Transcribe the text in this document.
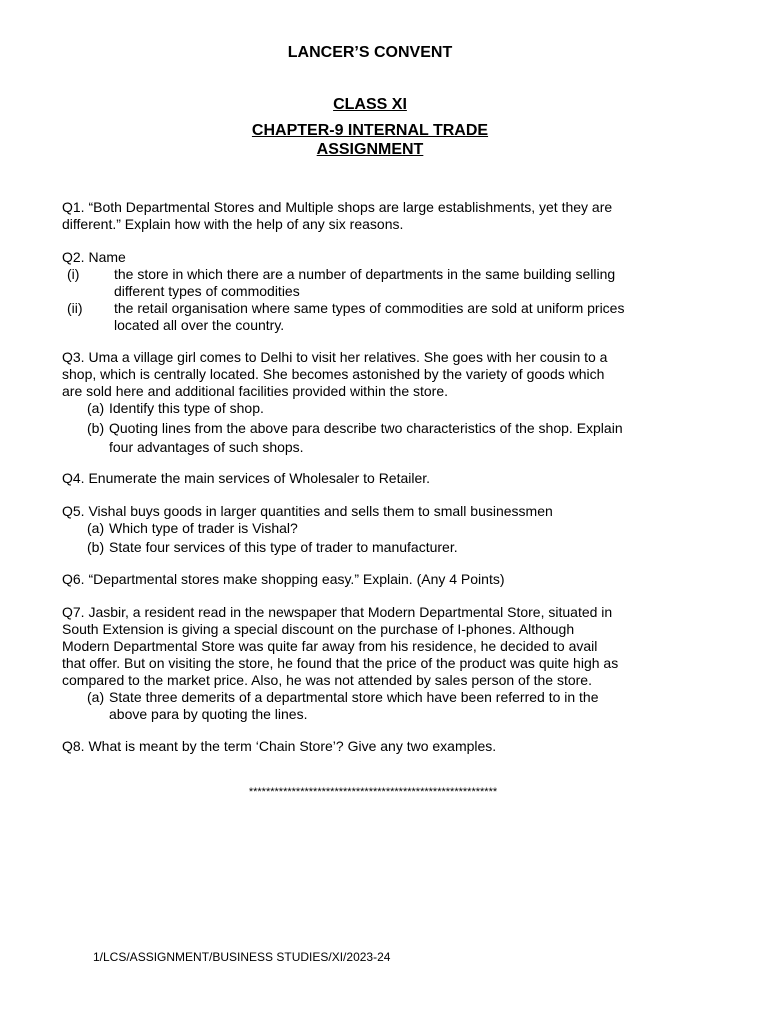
LANCER’S CONVENT
CLASS XI
CHAPTER-9 INTERNAL TRADE
ASSIGNMENT
Q1. “Both Departmental Stores and Multiple shops are large establishments, yet they are
different.” Explain how with the help of any six reasons.
Q2. Name
(i) the store in which there are a number of departments in the same building selling
different types of commodities
(ii) the retail organisation where same types of commodities are sold at uniform prices
located all over the country.
Q3. Uma a village girl comes to Delhi to visit her relatives. She goes with her cousin to a
shop, which is centrally located. She becomes astonished by the variety of goods which
are sold here and additional facilities provided within the store.
(a) Identify this type of shop.
(b) Quoting lines from the above para describe two characteristics of the shop. Explain
four advantages of such shops.
Q4. Enumerate the main services of Wholesaler to Retailer.
Q5. Vishal buys goods in larger quantities and sells them to small businessmen
(a) Which type of trader is Vishal?
(b) State four services of this type of trader to manufacturer.
Q6. “Departmental stores make shopping easy.” Explain. (Any 4 Points)
Q7. Jasbir, a resident read in the newspaper that Modern Departmental Store, situated in
South Extension is giving a special discount on the purchase of I-phones. Although
Modern Departmental Store was quite far away from his residence, he decided to avail
that offer. But on visiting the store, he found that the price of the product was quite high as
compared to the market price. Also, he was not attended by sales person of the store.
(a) State three demerits of a departmental store which have been referred to in the
above para by quoting the lines.
Q8. What is meant by the term ‘Chain Store’? Give any two examples.
**********************************************************
1/LCS/ASSIGNMENT/BUSINESS STUDIES/XI/2023-24
